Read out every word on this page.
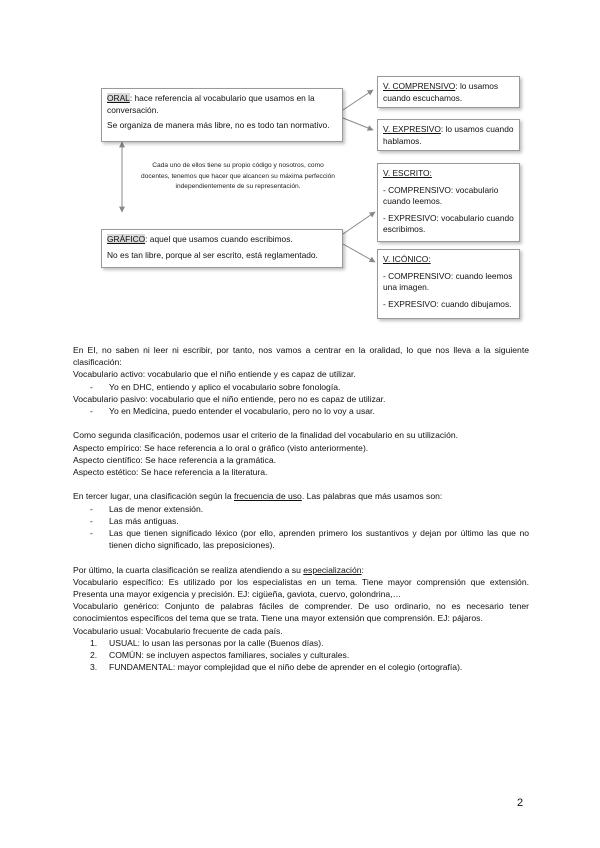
ORAL: hace referencia al vocabulario que usamos en la conversación.

Se organiza de manera más libre, no es todo tan normativo.

GRÁFICO: aquel que usamos cuando escribimos.

No es tan libre, porque al ser escrito, está reglamentado.

V. COMPRENSIVO: lo usamos cuando escuchamos.

V. EXPRESIVO: lo usamos cuando hablamos.

V. ESCRITO:

- COMPRENSIVO: vocabulario cuando leemos.

- EXPRESIVO: vocabulario cuando escribimos.

V. ICÓNICO:

- COMPRENSIVO: cuando leemos una imagen.

- EXPRESIVO: cuando dibujamos.

Cada uno de ellos tiene su propio código y nosotros, como docentes, tenemos que hacer que alcancen su máxima perfección independientemente de su representación.

En EI, no saben ni leer ni escribir, por tanto, nos vamos a centrar en la oralidad, lo que nos lleva a la siguiente clasificación:

Vocabulario activo: vocabulario que el niño entiende y es capaz de utilizar.

- Yo en DHC, entiendo y aplico el vocabulario sobre fonología.

Vocabulario pasivo: vocabulario que el niño entiende, pero no es capaz de utilizar.

- Yo en Medicina, puedo entender el vocabulario, pero no lo voy a usar.

Como segunda clasificación, podemos usar el criterio de la finalidad del vocabulario en su utilización.

Aspecto empírico: Se hace referencia a lo oral o gráfico (visto anteriormente).

Aspecto científico: Se hace referencia a la gramática.

Aspecto estético: Se hace referencia a la literatura.

En tercer lugar, una clasificación según la frecuencia de uso. Las palabras que más usamos son:

- Las de menor extensión.

- Las más antiguas.

- Las que tienen significado léxico (por ello, aprenden primero los sustantivos y dejan por último las que no tienen dicho significado, las preposiciones).

Por último, la cuarta clasificación se realiza atendiendo a su especialización:

Vocabulario específico: Es utilizado por los especialistas en un tema. Tiene mayor comprensión que extensión. Presenta una mayor exigencia y precisión. EJ: cigüeña, gaviota, cuervo, golondrina,…

Vocabulario genérico: Conjunto de palabras fáciles de comprender. De uso ordinario, no es necesario tener conocimientos específicos del tema que se trata. Tiene una mayor extensión que comprensión. EJ: pájaros.

Vocabulario usual: Vocabulario frecuente de cada país.

1. USUAL: lo usan las personas por la calle (Buenos días).

2. COMÚN: se incluyen aspectos familiares, sociales y culturales.

3. FUNDAMENTAL: mayor complejidad que el niño debe de aprender en el colegio (ortografía).

2
